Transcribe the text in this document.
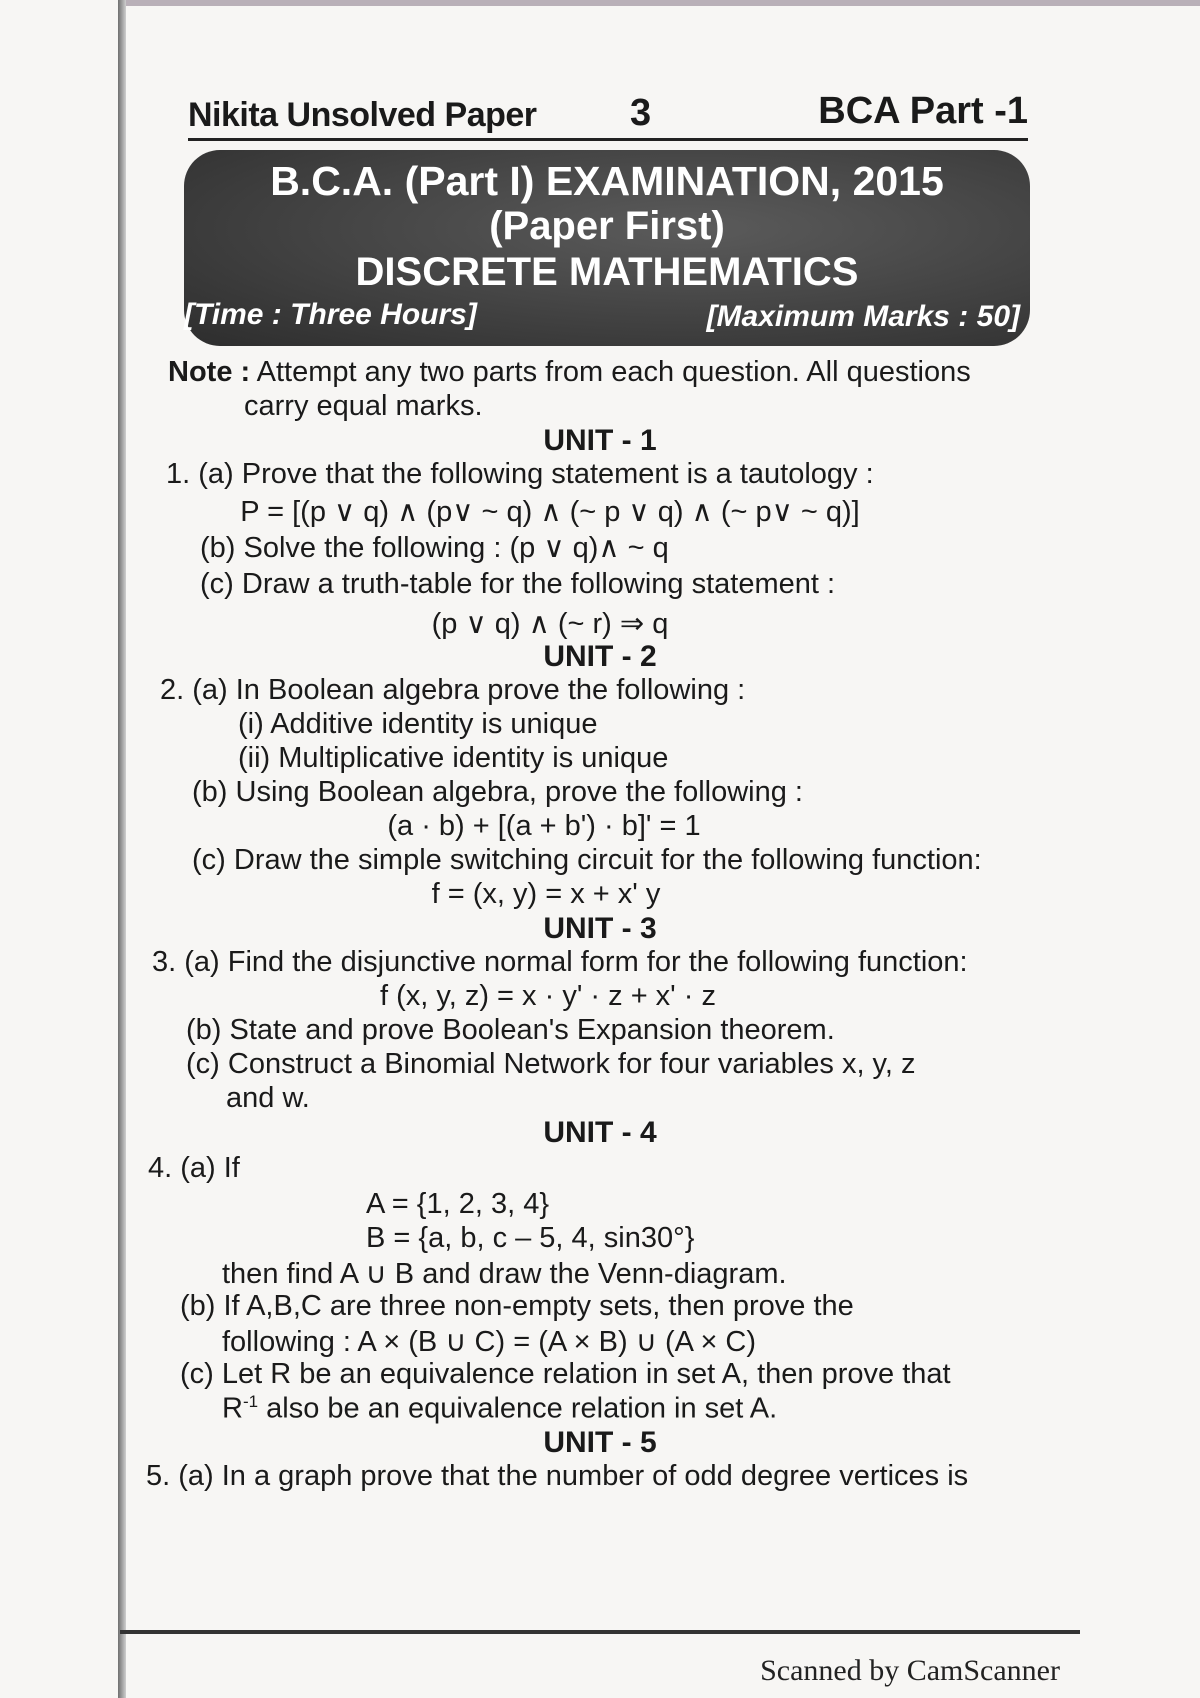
Nikita Unsolved Paper 3	BCA Part -1
B.C.A. (Part I) EXAMINATION, 2015
(Paper First)
DISCRETE MATHEMATICS
[Time : Three Hours]	[Maximum Marks : 50]
Note : Attempt any two parts from each question. All questions
carry equal marks.
UNIT - 1
1. (a) Prove that the following statement is a tautology :
P = [(p ∨ q) ∧ (p∨ ~ q) ∧ (~ p ∨ q) ∧ (~ p∨ ~ q)]
(b) Solve the following : (p ∨ q)∧ ~ q
(c) Draw a truth-table for the following statement :
(p ∨ q) ∧ (~ r) ⇒ q
UNIT - 2
2. (a) In Boolean algebra prove the following :
(i) Additive identity is unique
(ii) Multiplicative identity is unique
(b) Using Boolean algebra, prove the following :
(a · b) + [(a + b') · b]' = 1
(c) Draw the simple switching circuit for the following function:
f = (x, y) = x + x' y
UNIT - 3
3. (a) Find the disjunctive normal form for the following function:
f (x, y, z) = x · y' · z + x' · z
(b) State and prove Boolean's Expansion theorem.
(c) Construct a Binomial Network for four variables x, y, z
and w.
UNIT - 4
4. (a) If
A = {1, 2, 3, 4}
B = {a, b, c – 5, 4, sin30°}
then find A ∪ B and draw the Venn-diagram.
(b) If A,B,C are three non-empty sets, then prove the
following : A × (B ∪ C) = (A × B) ∪ (A × C)
(c) Let R be an equivalence relation in set A, then prove that
$R^{-1}$ also be an equivalence relation in set A.
UNIT - 5
5. (a) In a graph prove that the number of odd degree vertices is
Scanned by CamScanner
